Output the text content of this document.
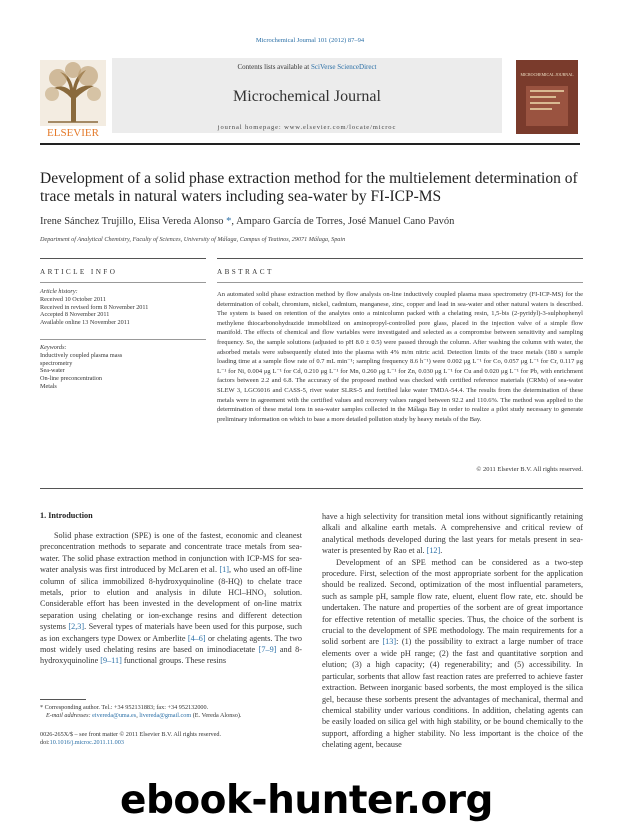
Microchemical Journal 101 (2012) 87–94
Contents lists available at SciVerse ScienceDirect
Microchemical Journal
journal homepage: www.elsevier.com/locate/microc
ELSEVIER
MICROCHEMICAL JOURNAL
Development of a solid phase extraction method for the multielement determination of trace metals in natural waters including sea-water by FI-ICP-MS
Irene Sánchez Trujillo, Elisa Vereda Alonso *, Amparo García de Torres, José Manuel Cano Pavón
Department of Analytical Chemistry, Faculty of Sciences, University of Málaga, Campus of Teatinos, 29071 Málaga, Spain
ARTICLE INFO
Article history:
Received 10 October 2011
Received in revised form 8 November 2011
Accepted 8 November 2011
Available online 13 November 2011
Keywords:
Inductively coupled plasma mass
spectrometry
Sea-water
On-line preconcentration
Metals
ABSTRACT
An automated solid phase extraction method by flow analysis on-line inductively coupled plasma mass spectrometry (FI-ICP-MS) for the determination of cobalt, chromium, nickel, cadmium, manganese, zinc, copper and lead in sea-water and other natural waters is described. The system is based on retention of the analytes onto a minicolumn packed with a chelating resin, 1,5-bis (2-pyridyl)-3-sulphophenyl methylene thiocarbonohydrazide immobilized on aminopropyl-controlled pore glass, placed in the injection valve of a simple flow manifold. The effects of chemical and flow variables were investigated and selected as a compromise between sensitivity and sampling frequency. So, the sample solutions (adjusted to pH 8.0 ± 0.5) were passed through the column. After washing the column with water, the adsorbed metals were subsequently eluted into the plasma with 4% m/m nitric acid. Detection limits of the trace metals (180 s sample loading time at a sample flow rate of 0.7 mL min⁻¹; sampling frequency 8.6 h⁻¹) were 0.002 μg L⁻¹ for Co, 0.057 μg L⁻¹ for Cr, 0.117 μg L⁻¹ for Ni, 0.004 μg L⁻¹ for Cd, 0.210 μg L⁻¹ for Mn, 0.260 μg L⁻¹ for Zn, 0.030 μg L⁻¹ for Cu and 0.020 μg L⁻¹ for Pb, with enrichment factors between 2.2 and 6.8. The accuracy of the proposed method was checked with certified reference materials (CRMs) of sea-water SLEW 3, LGC6016 and CASS-5, river water SLRS-5 and fortified lake water TMDA-54.4. The results from the determination of these metals were in agreement with the certified values and recovery values ranged between 92.2 and 110.6%. The method was applied to the determination of these metal ions in sea-water samples collected in the Málaga Bay in order to realize a pilot study necessary to generate preliminary information on which to base a more detailed pollution study by heavy metals of the Bay.
© 2011 Elsevier B.V. All rights reserved.
1. Introduction
Solid phase extraction (SPE) is one of the fastest, economic and cleanest preconcentration methods to separate and concentrate trace metals from sea-water. The solid phase extraction method in conjunction with ICP-MS for sea-water analysis was first introduced by McLaren et al. [1], who used an off-line column of silica immobilized 8-hydroxyquinoline (8-HQ) to chelate trace metals, prior to elution and analysis in dilute HCl–HNO₃ solution. Considerable effort has been invested in the development of on-line matrix separation using chelating or ion-exchange resins and different detection systems [2,3]. Several types of materials have been used for this purpose, such as ion exchangers type Dowex or Amberlite [4–6] or chelating agents. The two most widely used chelating resins are based on iminodiacetate [7–9] and 8-hydroxyquinoline [9–11] functional groups. These resins
* Corresponding author. Tel.: +34 952131883; fax: +34 952132000.
E-mail addresses: eivereda@uma.es, livereda@gmail.com (E. Vereda Alonso).
0026-265X/$ – see front matter © 2011 Elsevier B.V. All rights reserved.
doi:10.1016/j.microc.2011.11.003
have a high selectivity for transition metal ions without significantly retaining alkali and alkaline earth metals. A comprehensive and critical review of analytical methods developed during the last years for metals present in sea-water is presented by Rao et al. [12].
Development of an SPE method can be considered as a two-step procedure. First, selection of the most appropriate sorbent for the application should be realized. Second, optimization of the most influential parameters, such as sample pH, sample flow rate, eluent, eluent flow rate, etc. should be undertaken. The nature and properties of the sorbent are of great importance for effective retention of metallic species. Thus, the choice of the sorbent is crucial to the development of SPE methodology. The main requirements for a solid sorbent are [13]: (1) the possibility to extract a large number of trace elements over a wide pH range; (2) the fast and quantitative sorption and elution; (3) a high capacity; (4) regenerability; and (5) accessibility. In particular, sorbents that allow fast reaction rates are preferred to achieve faster extraction. Between inorganic based sorbents, the most employed is the silica gel, because these sorbents present the advantages of mechanical, thermal and chemical stability under various conditions. In addition, chelating agents can be easily loaded on silica gel with high stability, or be bound chemically to the support, affording a higher stability. No less important is the choice of the chelating agent, because
ebook-hunter.org
